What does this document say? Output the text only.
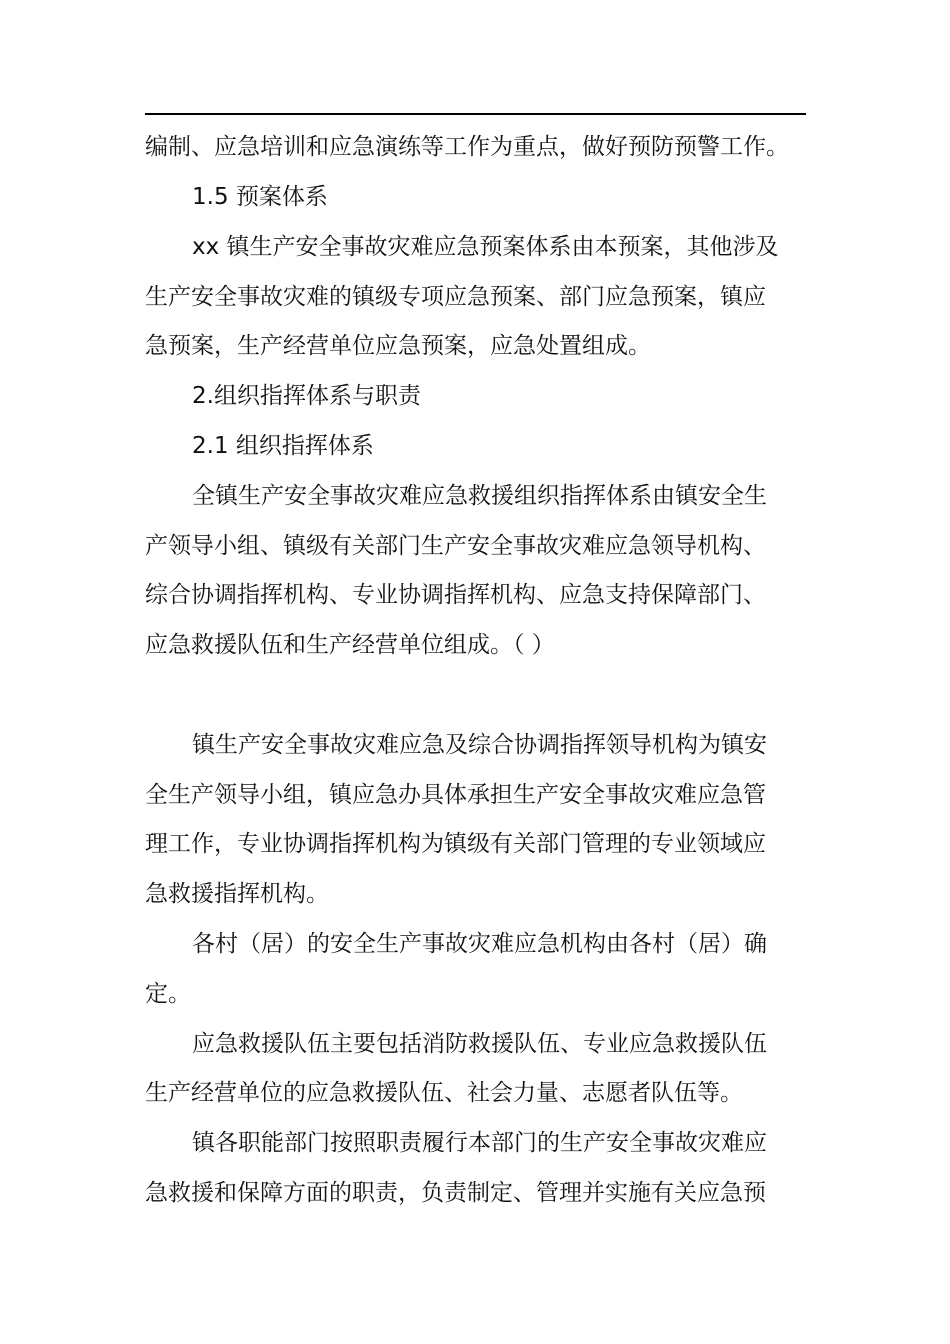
编制、应急培训和应急演练等工作为重点，做好预防预警工作。
1.5 预案体系
xx 镇生产安全事故灾难应急预案体系由本预案，其他涉及
生产安全事故灾难的镇级专项应急预案、部门应急预案，镇应
急预案，生产经营单位应急预案，应急处置组成。
2.组织指挥体系与职责
2.1 组织指挥体系
全镇生产安全事故灾难应急救援组织指挥体系由镇安全生
产领导小组、镇级有关部门生产安全事故灾难应急领导机构、
综合协调指挥机构、专业协调指挥机构、应急支持保障部门、
应急救援队伍和生产经营单位组成。（ ）
镇生产安全事故灾难应急及综合协调指挥领导机构为镇安
全生产领导小组，镇应急办具体承担生产安全事故灾难应急管
理工作，专业协调指挥机构为镇级有关部门管理的专业领域应
急救援指挥机构。
各村（居）的安全生产事故灾难应急机构由各村（居）确
定。
应急救援队伍主要包括消防救援队伍、专业应急救援队伍
生产经营单位的应急救援队伍、社会力量、志愿者队伍等。
镇各职能部门按照职责履行本部门的生产安全事故灾难应
急救援和保障方面的职责，负责制定、管理并实施有关应急预
